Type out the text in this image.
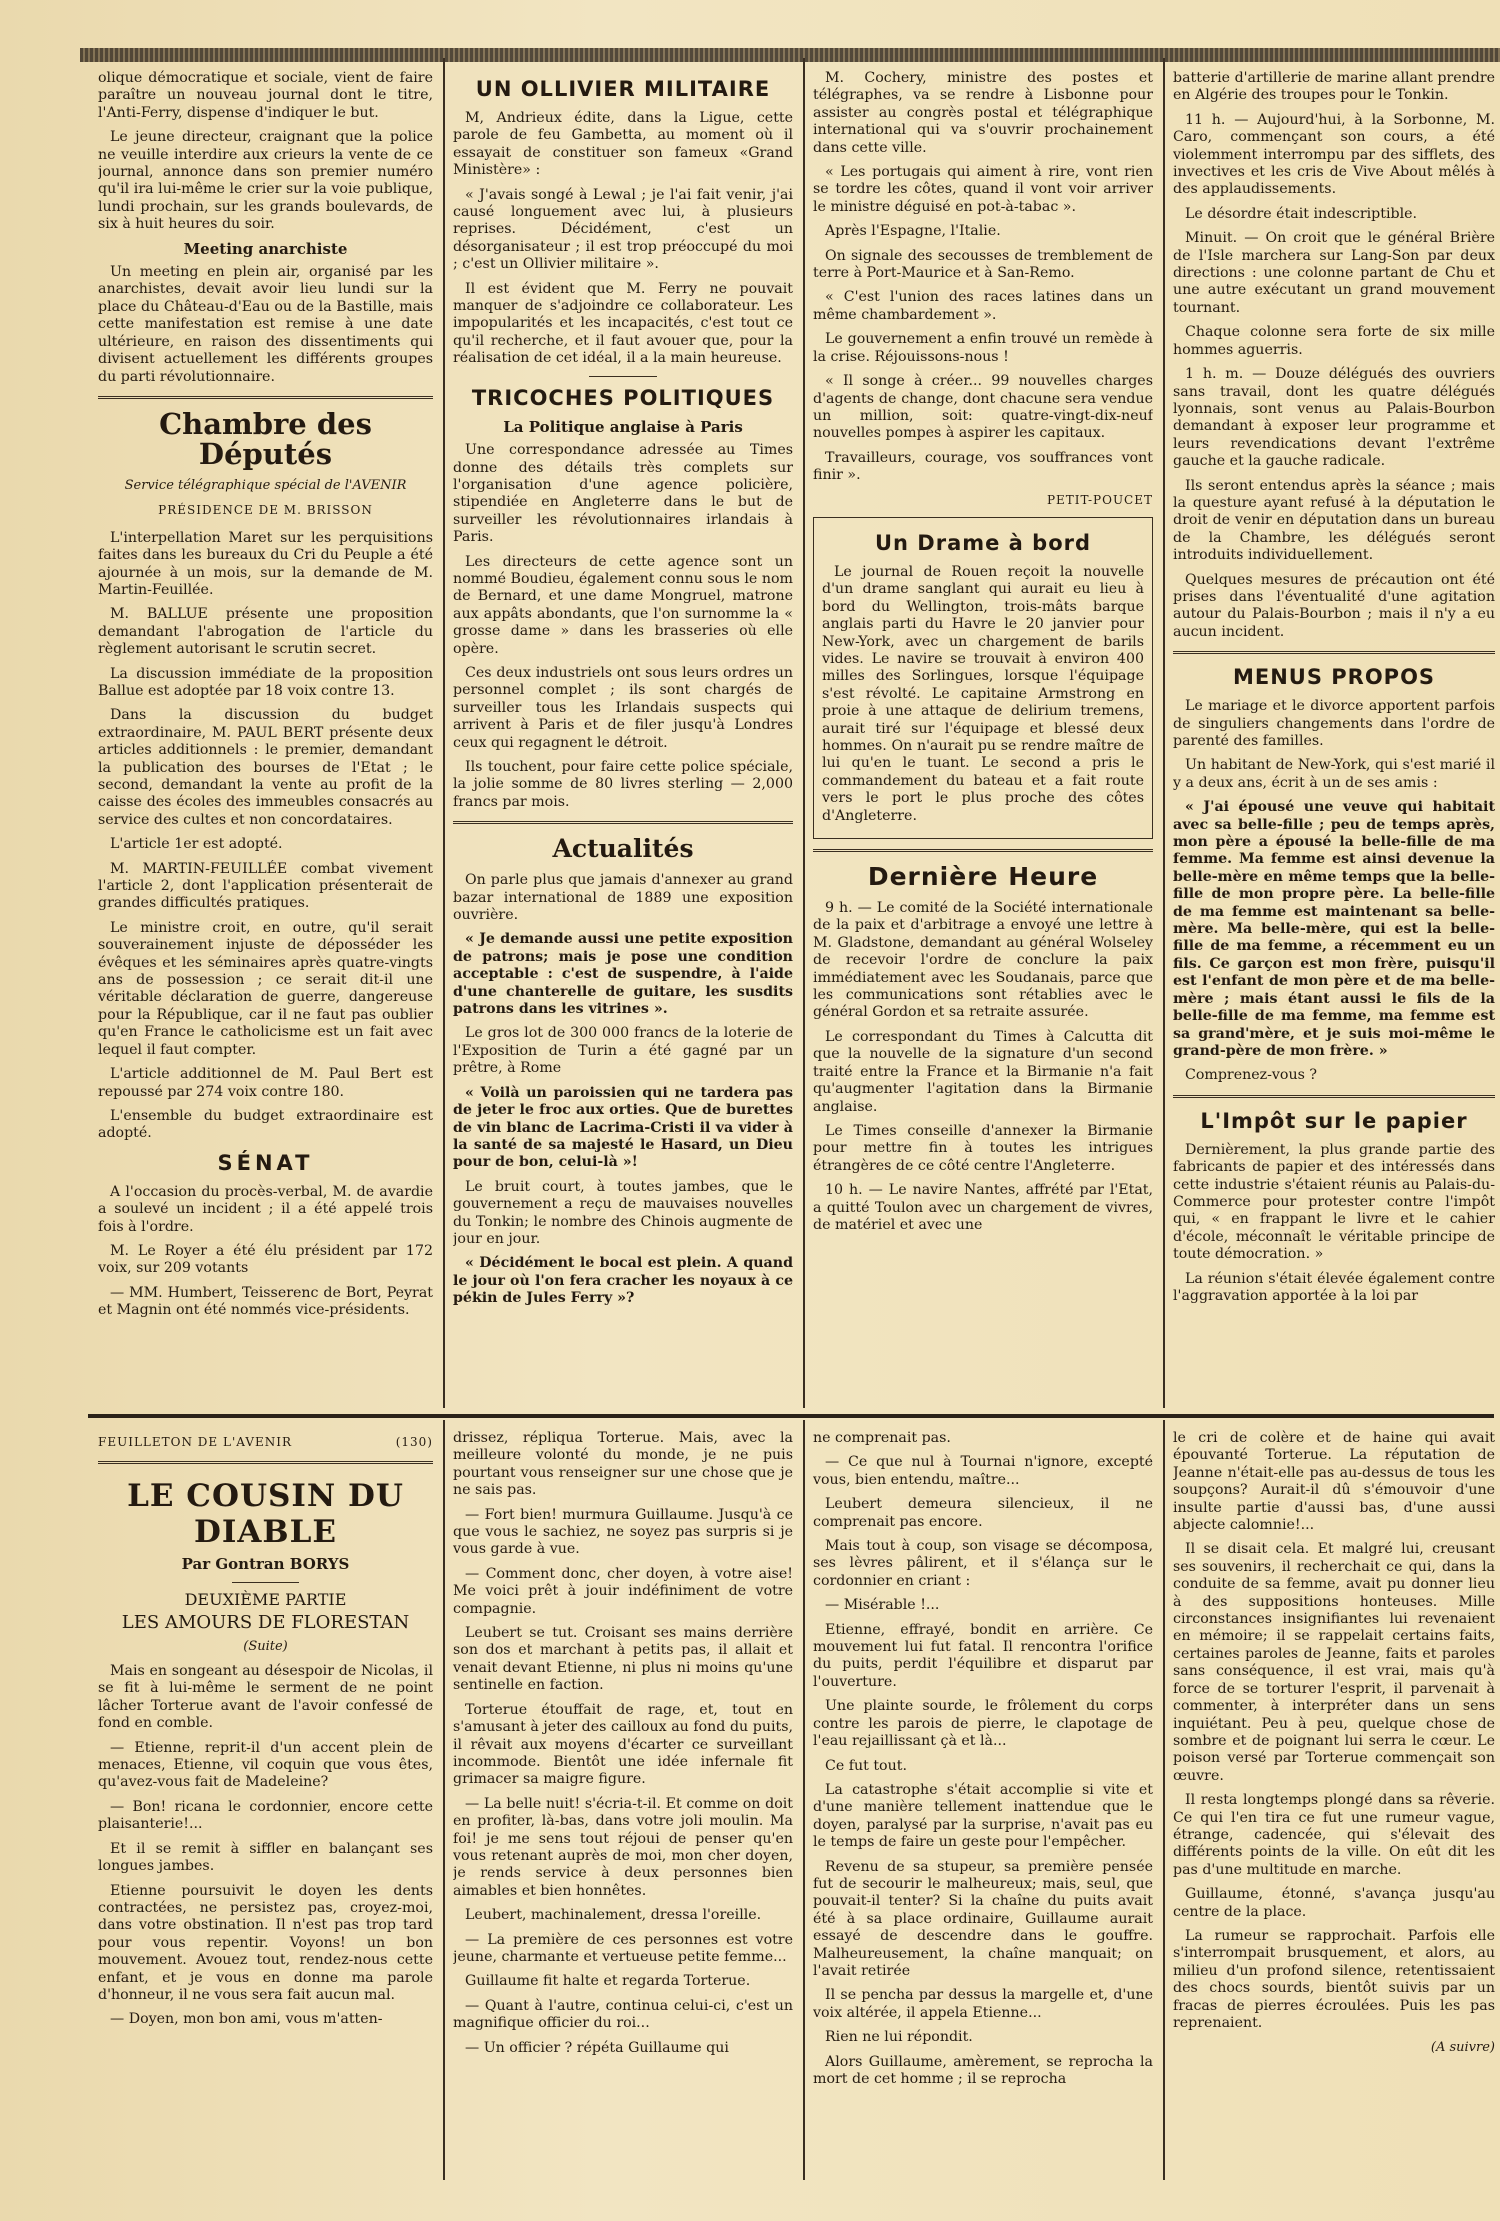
olique démocratique et sociale, vient de faire paraître un nouveau journal dont le titre, l'Anti-Ferry, dispense d'indiquer le but.

Le jeune directeur, craignant que la police ne veuille interdire aux crieurs la vente de ce journal, annonce dans son premier numéro qu'il ira lui-même le crier sur la voie publique, lundi prochain, sur les grands boulevards, de six à huit heures du soir.

Meeting anarchiste

Un meeting en plein air, organisé par les anarchistes, devait avoir lieu lundi sur la place du Château-d'Eau ou de la Bastille, mais cette manifestation est remise à une date ultérieure, en raison des dissentiments qui divisent actuellement les différents groupes du parti révolutionnaire.

Chambre des Députés
Service télégraphique spécial de l'AVENIR
PRÉSIDENCE DE M. BRISSON

L'interpellation Maret sur les perquisitions faites dans les bureaux du Cri du Peuple a été ajournée à un mois, sur la demande de M. Martin-Feuillée.

M. BALLUE présente une proposition demandant l'abrogation de l'article du règlement autorisant le scrutin secret.

La discussion immédiate de la proposition Ballue est adoptée par 18 voix contre 13.

Dans la discussion du budget extraordinaire, M. PAUL BERT présente deux articles additionnels : le premier, demandant la publication des bourses de l'Etat ; le second, demandant la vente au profit de la caisse des écoles des immeubles consacrés au service des cultes et non concordataires.

L'article 1er est adopté.

M. MARTIN-FEUILLÉE combat vivement l'article 2, dont l'application présenterait de grandes difficultés pratiques.

Le ministre croit, en outre, qu'il serait souverainement injuste de déposséder les évêques et les séminaires après quatre-vingts ans de possession ; ce serait dit-il une véritable déclaration de guerre, dangereuse pour la République, car il ne faut pas oublier qu'en France le catholicisme est un fait avec lequel il faut compter.

L'article additionnel de M. Paul Bert est repoussé par 274 voix contre 180.

L'ensemble du budget extraordinaire est adopté.

SÉNAT

A l'occasion du procès-verbal, M. de avardie a soulevé un incident ; il a été appelé trois fois à l'ordre.

M. Le Royer a été élu président par 172 voix, sur 209 votants

— MM. Humbert, Teisserenc de Bort, Peyrat et Magnin ont été nommés vice-présidents.

UN OLLIVIER MILITAIRE

M, Andrieux édite, dans la Ligue, cette parole de feu Gambetta, au moment où il essayait de constituer son fameux «Grand Ministère» :

« J'avais songé à Lewal ; je l'ai fait venir, j'ai causé longuement avec lui, à plusieurs reprises. Décidément, c'est un désorganisateur ; il est trop préoccupé du moi ; c'est un Ollivier militaire ».

Il est évident que M. Ferry ne pouvait manquer de s'adjoindre ce collaborateur. Les impopularités et les incapacités, c'est tout ce qu'il recherche, et il faut avouer que, pour la réalisation de cet idéal, il a la main heureuse.

TRICOCHES POLITIQUES
La Politique anglaise à Paris

Une correspondance adressée au Times donne des détails très complets sur l'organisation d'une agence policière, stipendiée en Angleterre dans le but de surveiller les révolutionnaires irlandais à Paris.

Les directeurs de cette agence sont un nommé Boudieu, également connu sous le nom de Bernard, et une dame Mongruel, matrone aux appâts abondants, que l'on surnomme la « grosse dame » dans les brasseries où elle opère.

Ces deux industriels ont sous leurs ordres un personnel complet ; ils sont chargés de surveiller tous les Irlandais suspects qui arrivent à Paris et de filer jusqu'à Londres ceux qui regagnent le détroit.

Ils touchent, pour faire cette police spéciale, la jolie somme de 80 livres sterling — 2,000 francs par mois.

Actualités

On parle plus que jamais d'annexer au grand bazar international de 1889 une exposition ouvrière.

« Je demande aussi une petite exposition de patrons; mais je pose une condition acceptable : c'est de suspendre, à l'aide d'une chanterelle de guitare, les susdits patrons dans les vitrines ».

Le gros lot de 300 000 francs de la loterie de l'Exposition de Turin a été gagné par un prêtre, à Rome

« Voilà un paroissien qui ne tardera pas de jeter le froc aux orties. Que de burettes de vin blanc de Lacrima-Cristi il va vider à la santé de sa majesté le Hasard, un Dieu pour de bon, celui-là »!

Le bruit court, à toutes jambes, que le gouvernement a reçu de mauvaises nouvelles du Tonkin; le nombre des Chinois augmente de jour en jour.

« Décidément le bocal est plein. A quand le jour où l'on fera cracher les noyaux à ce pékin de Jules Ferry »?

M. Cochery, ministre des postes et télégraphes, va se rendre à Lisbonne pour assister au congrès postal et télégraphique international qui va s'ouvrir prochainement dans cette ville.

« Les portugais qui aiment à rire, vont rien se tordre les côtes, quand il vont voir arriver le ministre déguisé en pot-à-tabac ».

Après l'Espagne, l'Italie.

On signale des secousses de tremblement de terre à Port-Maurice et à San-Remo.

« C'est l'union des races latines dans un même chambardement ».

Le gouvernement a enfin trouvé un remède à la crise. Réjouissons-nous !

« Il songe à créer... 99 nouvelles charges d'agents de change, dont chacune sera vendue un million, soit: quatre-vingt-dix-neuf nouvelles pompes à aspirer les capitaux.

Travailleurs, courage, vos souffrances vont finir ».

PETIT-POUCET
Un Drame à bord

Le journal de Rouen reçoit la nouvelle d'un drame sanglant qui aurait eu lieu à bord du Wellington, trois-mâts barque anglais parti du Havre le 20 janvier pour New-York, avec un chargement de barils vides. Le navire se trouvait à environ 400 milles des Sorlingues, lorsque l'équipage s'est révolté. Le capitaine Armstrong en proie à une attaque de delirium tremens, aurait tiré sur l'équipage et blessé deux hommes. On n'aurait pu se rendre maître de lui qu'en le tuant. Le second a pris le commandement du bateau et a fait route vers le port le plus proche des côtes d'Angleterre.

Dernière Heure

9 h. — Le comité de la Société internationale de la paix et d'arbitrage a envoyé une lettre à M. Gladstone, demandant au général Wolseley de recevoir l'ordre de conclure la paix immédiatement avec les Soudanais, parce que les communications sont rétablies avec le général Gordon et sa retraite assurée.

Le correspondant du Times à Calcutta dit que la nouvelle de la signature d'un second traité entre la France et la Birmanie n'a fait qu'augmenter l'agitation dans la Birmanie anglaise.

Le Times conseille d'annexer la Birmanie pour mettre fin à toutes les intrigues étrangères de ce côté centre l'Angleterre.

10 h. — Le navire Nantes, affrété par l'Etat, a quitté Toulon avec un chargement de vivres, de matériel et avec une

batterie d'artillerie de marine allant prendre en Algérie des troupes pour le Tonkin.

11 h. — Aujourd'hui, à la Sorbonne, M. Caro, commençant son cours, a été violemment interrompu par des sifflets, des invectives et les cris de Vive About mêlés à des applaudissements.

Le désordre était indescriptible.

Minuit. — On croit que le général Brière de l'Isle marchera sur Lang-Son par deux directions : une colonne partant de Chu et une autre exécutant un grand mouvement tournant.

Chaque colonne sera forte de six mille hommes aguerris.

1 h. m. — Douze délégués des ouvriers sans travail, dont les quatre délégués lyonnais, sont venus au Palais-Bourbon demandant à exposer leur programme et leurs revendications devant l'extrême gauche et la gauche radicale.

Ils seront entendus après la séance ; mais la questure ayant refusé à la députation le droit de venir en députation dans un bureau de la Chambre, les délégués seront introduits individuellement.

Quelques mesures de précaution ont été prises dans l'éventualité d'une agitation autour du Palais-Bourbon ; mais il n'y a eu aucun incident.

MENUS PROPOS

Le mariage et le divorce apportent parfois de singuliers changements dans l'ordre de parenté des familles.

Un habitant de New-York, qui s'est marié il y a deux ans, écrit à un de ses amis :

« J'ai épousé une veuve qui habitait avec sa belle-fille ; peu de temps après, mon père a épousé la belle-fille de ma femme. Ma femme est ainsi devenue la belle-mère en même temps que la belle-fille de mon propre père. La belle-fille de ma femme est maintenant sa belle-mère. Ma belle-mère, qui est la belle-fille de ma femme, a récemment eu un fils. Ce garçon est mon frère, puisqu'il est l'enfant de mon père et de ma belle-mère ; mais étant aussi le fils de la belle-fille de ma femme, ma femme est sa grand'mère, et je suis moi-même le grand-père de mon frère. »

Comprenez-vous ?

L'Impôt sur le papier

Dernièrement, la plus grande partie des fabricants de papier et des intéressés dans cette industrie s'étaient réunis au Palais-du-Commerce pour protester contre l'impôt qui, « en frappant le livre et le cahier d'école, méconnaît le véritable principe de toute démocration. »

La réunion s'était élevée également contre l'aggravation apportée à la loi par

FEUILLETON DE L'AVENIR	(130)
LE COUSIN DU DIABLE
Par Gontran BORYS
DEUXIÈME PARTIE
LES AMOURS DE FLORESTAN
(Suite)

Mais en songeant au désespoir de Nicolas, il se fit à lui-même le serment de ne point lâcher Torterue avant de l'avoir confessé de fond en comble.

— Etienne, reprit-il d'un accent plein de menaces, Etienne, vil coquin que vous êtes, qu'avez-vous fait de Madeleine?

— Bon! ricana le cordonnier, encore cette plaisanterie!...

Et il se remit à siffler en balançant ses longues jambes.

Etienne poursuivit le doyen les dents contractées, ne persistez pas, croyez-moi, dans votre obstination. Il n'est pas trop tard pour vous repentir. Voyons! un bon mouvement. Avouez tout, rendez-nous cette enfant, et je vous en donne ma parole d'honneur, il ne vous sera fait aucun mal.

— Doyen, mon bon ami, vous m'atten-

drissez, répliqua Torterue. Mais, avec la meilleure volonté du monde, je ne puis pourtant vous renseigner sur une chose que je ne sais pas.

— Fort bien! murmura Guillaume. Jusqu'à ce que vous le sachiez, ne soyez pas surpris si je vous garde à vue.

— Comment donc, cher doyen, à votre aise! Me voici prêt à jouir indéfiniment de votre compagnie.

Leubert se tut. Croisant ses mains derrière son dos et marchant à petits pas, il allait et venait devant Etienne, ni plus ni moins qu'une sentinelle en faction.

Torterue étouffait de rage, et, tout en s'amusant à jeter des cailloux au fond du puits, il rêvait aux moyens d'écarter ce surveillant incommode. Bientôt une idée infernale fit grimacer sa maigre figure.

— La belle nuit! s'écria-t-il. Et comme on doit en profiter, là-bas, dans votre joli moulin. Ma foi! je me sens tout réjoui de penser qu'en vous retenant auprès de moi, mon cher doyen, je rends service à deux personnes bien aimables et bien honnêtes.

Leubert, machinalement, dressa l'oreille.

— La première de ces personnes est votre jeune, charmante et vertueuse petite femme...

Guillaume fit halte et regarda Torterue.

— Quant à l'autre, continua celui-ci, c'est un magnifique officier du roi...

— Un officier ? répéta Guillaume qui

ne comprenait pas.

— Ce que nul à Tournai n'ignore, excepté vous, bien entendu, maître...

Leubert demeura silencieux, il ne comprenait pas encore.

Mais tout à coup, son visage se décomposa, ses lèvres pâlirent, et il s'élança sur le cordonnier en criant :

— Misérable !...

Etienne, effrayé, bondit en arrière. Ce mouvement lui fut fatal. Il rencontra l'orifice du puits, perdit l'équilibre et disparut par l'ouverture.

Une plainte sourde, le frôlement du corps contre les parois de pierre, le clapotage de l'eau rejaillissant çà et là...

Ce fut tout.

La catastrophe s'était accomplie si vite et d'une manière tellement inattendue que le doyen, paralysé par la surprise, n'avait pas eu le temps de faire un geste pour l'empêcher.

Revenu de sa stupeur, sa première pensée fut de secourir le malheureux; mais, seul, que pouvait-il tenter? Si la chaîne du puits avait été à sa place ordinaire, Guillaume aurait essayé de descendre dans le gouffre. Malheureusement, la chaîne manquait; on l'avait retirée

Il se pencha par dessus la margelle et, d'une voix altérée, il appela Etienne...

Rien ne lui répondit.

Alors Guillaume, amèrement, se reprocha la mort de cet homme ; il se reprocha

le cri de colère et de haine qui avait épouvanté Torterue. La réputation de Jeanne n'était-elle pas au-dessus de tous les soupçons? Aurait-il dû s'émouvoir d'une insulte partie d'aussi bas, d'une aussi abjecte calomnie!...

Il se disait cela. Et malgré lui, creusant ses souvenirs, il recherchait ce qui, dans la conduite de sa femme, avait pu donner lieu à des suppositions honteuses. Mille circonstances insignifiantes lui revenaient en mémoire; il se rappelait certains faits, certaines paroles de Jeanne, faits et paroles sans conséquence, il est vrai, mais qu'à force de se torturer l'esprit, il parvenait à commenter, à interpréter dans un sens inquiétant. Peu à peu, quelque chose de sombre et de poignant lui serra le cœur. Le poison versé par Torterue commençait son œuvre.

Il resta longtemps plongé dans sa rêverie. Ce qui l'en tira ce fut une rumeur vague, étrange, cadencée, qui s'élevait des différents points de la ville. On eût dit les pas d'une multitude en marche.

Guillaume, étonné, s'avança jusqu'au centre de la place.

La rumeur se rapprochait. Parfois elle s'interrompait brusquement, et alors, au milieu d'un profond silence, retentissaient des chocs sourds, bientôt suivis par un fracas de pierres écroulées. Puis les pas reprenaient.

(A suivre)
